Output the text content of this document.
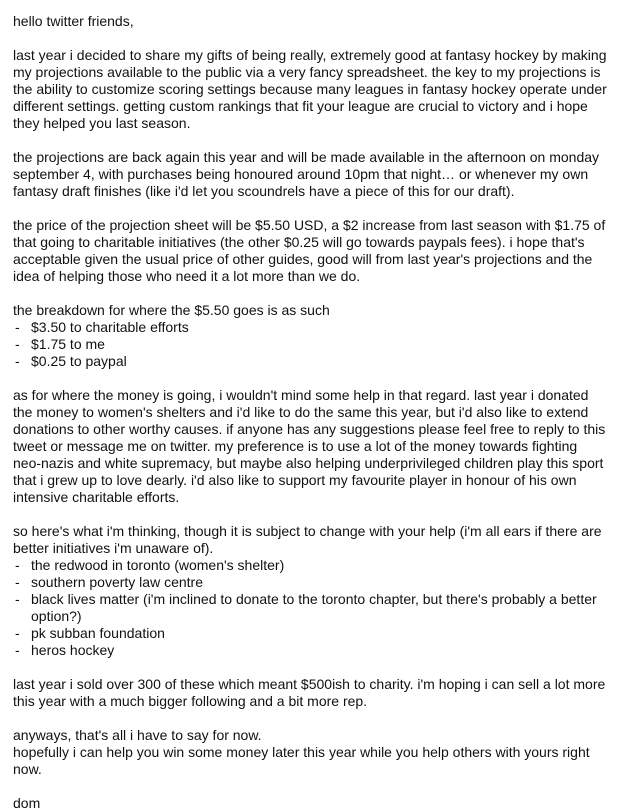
hello twitter friends,

last year i decided to share my gifts of being really, extremely good at fantasy hockey by making my projections available to the public via a very fancy spreadsheet. the key to my projections is the ability to customize scoring settings because many leagues in fantasy hockey operate under different settings. getting custom rankings that fit your league are crucial to victory and i hope they helped you last season.

the projections are back again this year and will be made available in the afternoon on monday september 4, with purchases being honoured around 10pm that night… or whenever my own fantasy draft finishes (like i'd let you scoundrels have a piece of this for our draft).

the price of the projection sheet will be $5.50 USD, a $2 increase from last season with $1.75 of that going to charitable initiatives (the other $0.25 will go towards paypals fees). i hope that's acceptable given the usual price of other guides, good will from last year's projections and the idea of helping those who need it a lot more than we do.

the breakdown for where the $5.50 goes is as such

- $3.50 to charitable efforts
- $1.75 to me
- $0.25 to paypal

as for where the money is going, i wouldn't mind some help in that regard. last year i donated the money to women's shelters and i'd like to do the same this year, but i'd also like to extend donations to other worthy causes. if anyone has any suggestions please feel free to reply to this tweet or message me on twitter. my preference is to use a lot of the money towards fighting neo-nazis and white supremacy, but maybe also helping underprivileged children play this sport that i grew up to love dearly. i'd also like to support my favourite player in honour of his own intensive charitable efforts.

so here's what i'm thinking, though it is subject to change with your help (i'm all ears if there are better initiatives i'm unaware of).

- the redwood in toronto (women's shelter)
- southern poverty law centre
- black lives matter (i'm inclined to donate to the toronto chapter, but there's probably a better option?)
- pk subban foundation
- heros hockey

last year i sold over 300 of these which meant $500ish to charity. i'm hoping i can sell a lot more this year with a much bigger following and a bit more rep.

anyways, that's all i have to say for now.

hopefully i can help you win some money later this year while you help others with yours right now.

dom
